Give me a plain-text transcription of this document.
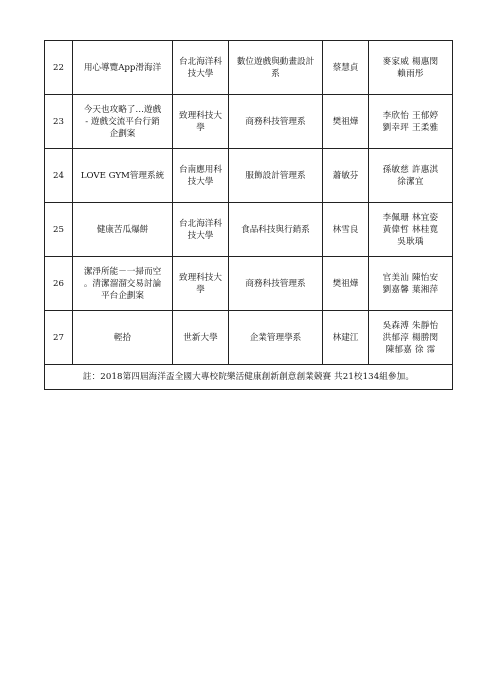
22	用心導覽App滑海洋	台北海洋科
技大學	數位遊戲與動畫設計
系	蔡慧貞	麥家威 楊惠閔
賴雨彤
23	今天也攻略了…遊戲
- 遊戲交流平台行銷
企劃案	致理科技大
學	商務科技管理系	樊祖燁	李欣怡 王郁婷
劉幸玶 王柔雅
24	LOVE GYM管理系統	台南應用科
技大學	服飾設計管理系	蕭敏芬	孫敏慈 許惠淇
徐潔宜
25	健康苦瓜爆餅	台北海洋科
技大學	食品科技與行銷系	林雪良	李佩珊 林宜姿
黃偉哲 林桂寬
吳耿瑀
26	潔淨所能－一掃而空
。清潔溜溜交易討論
平台企劃案	致理科技大
學	商務科技管理系	樊祖燁	官美汕 陳怡安
劉嘉馨 葉湘萍
27	輕拾	世新大學	企業管理學系	林建江	吳森溥 朱靜怡
洪郁淳 楊勝閔
陳郁嘉 徐 霈
註：2018第四屆海洋盃全國大專校院樂活健康創新創意創業競賽 共21校134組參加。					
